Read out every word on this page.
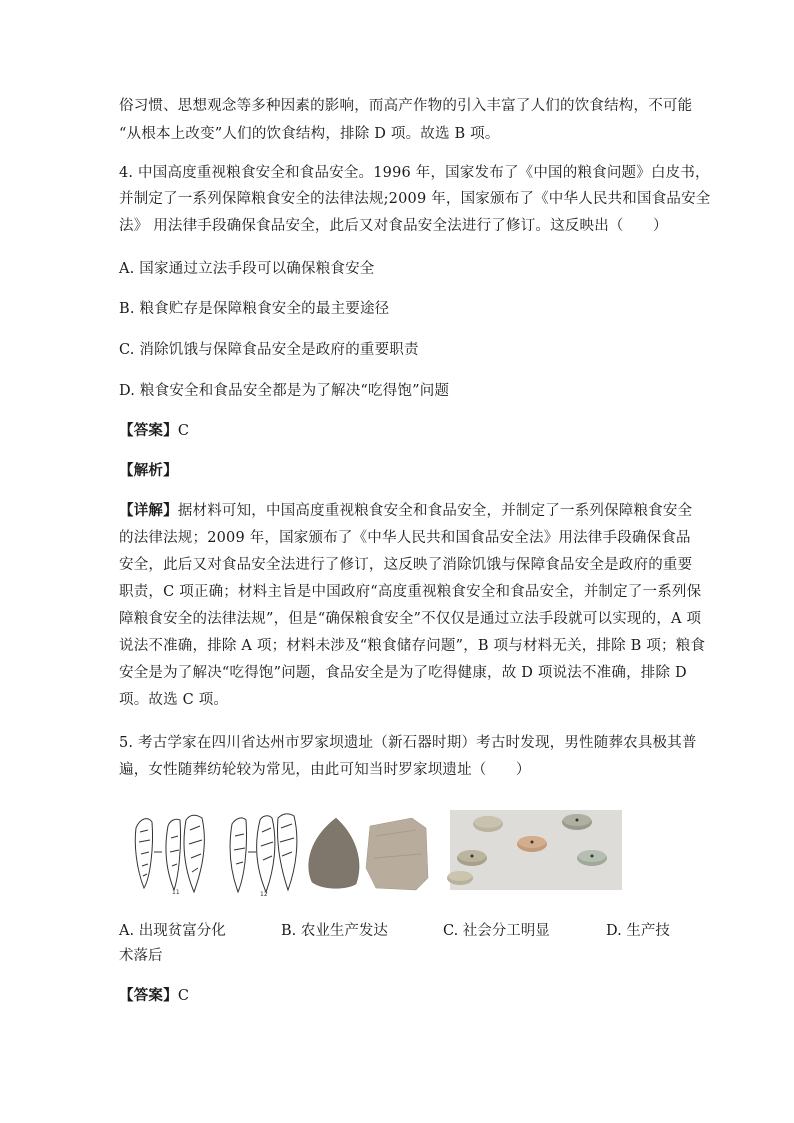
俗习惯、思想观念等多种因素的影响，而高产作物的引入丰富了人们的饮食结构，不可能
“从根本上改变”人们的饮食结构，排除 D 项。故选 B 项。
4. 中国高度重视粮食安全和食品安全。1996 年，国家发布了《中国的粮食问题》白皮书，
并制定了一系列保障粮食安全的法律法规;2009 年，国家颁布了《中华人民共和国食品安全
法》 用法律手段确保食品安全，此后又对食品安全法进行了修订。这反映出（　　）
A. 国家通过立法手段可以确保粮食安全
B. 粮食贮存是保障粮食安全的最主要途径
C. 消除饥饿与保障食品安全是政府的重要职责
D. 粮食安全和食品安全都是为了解决“吃得饱”问题
【答案】C
【解析】
【详解】据材料可知，中国高度重视粮食安全和食品安全，并制定了一系列保障粮食安全
的法律法规；2009 年，国家颁布了《中华人民共和国食品安全法》用法律手段确保食品
安全，此后又对食品安全法进行了修订，这反映了消除饥饿与保障食品安全是政府的重要
职责，C 项正确；材料主旨是中国政府“高度重视粮食安全和食品安全，并制定了一系列保
障粮食安全的法律法规”，但是“确保粮食安全”不仅仅是通过立法手段就可以实现的，A 项
说法不准确，排除 A 项；材料未涉及“粮食储存问题”，B 项与材料无关，排除 B 项；粮食
安全是为了解决“吃得饱”问题，食品安全是为了吃得健康，故 D 项说法不准确，排除 D
项。故选 C 项。
5. 考古学家在四川省达州市罗家坝遗址（新石器时期）考古时发现，男性随葬农具极其普
遍，女性随葬纺轮较为常见，由此可知当时罗家坝遗址（　　）
11	12
A. 出现贫富分化	B. 农业生产发达	C. 社会分工明显	D. 生产技
术落后
【答案】C
